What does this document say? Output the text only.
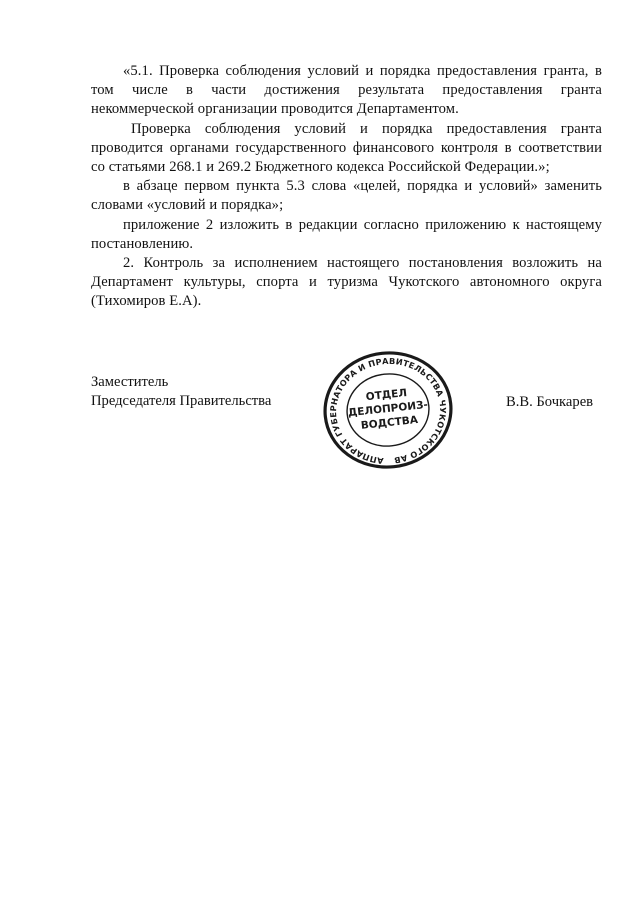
«5.1. Проверка соблюдения условий и порядка предоставления гранта, в том числе в части достижения результата предоставления гранта некоммерческой организации проводится Департаментом.

Проверка соблюдения условий и порядка предоставления гранта проводится органами государственного финансового контроля в соответствии со статьями 268.1 и 269.2 Бюджетного кодекса Российской Федерации.»;

в абзаце первом пункта 5.3 слова «целей, порядка и условий» заменить словами «условий и порядка»;

приложение 2 изложить в редакции согласно приложению к настоящему постановлению.

2. Контроль за исполнением настоящего постановления возложить на Департамент культуры, спорта и туризма Чукотского автономного округа (Тихомиров Е.А).

Заместитель
Председателя Правительства
АППАРАТ ГУБЕРНАТОРА И ПРАВИТЕЛЬСТВА ЧУКОТСКОГО АВТОНОМНОГО
ОТДЕЛ
ДЕЛОПРОИЗ-
ВОДСТВА
В.В. Бочкарев
